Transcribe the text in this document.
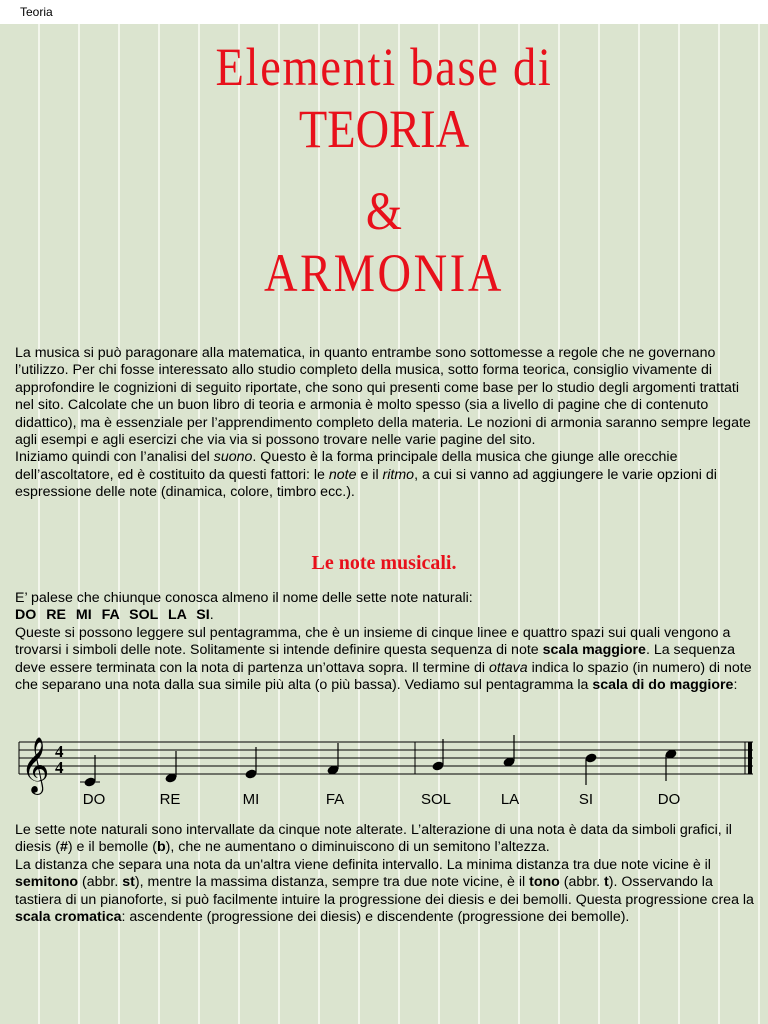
Teoria
Elementi base di
TEORIA
&
ARMONIA
La musica si può paragonare alla matematica, in quanto entrambe sono sottomesse a regole che ne governano l’utilizzo. Per chi fosse interessato allo studio completo della musica, sotto forma teorica, consiglio vivamente di approfondire le cognizioni di seguito riportate, che sono qui presenti come base per lo studio degli argomenti trattati nel sito. Calcolate che un buon libro di teoria e armonia è molto spesso (sia a livello di pagine che di contenuto didattico), ma è essenziale per l’apprendimento completo della materia. Le nozioni di armonia saranno sempre legate agli esempi e agli esercizi che via via si possono trovare nelle varie pagine del sito.
Iniziamo quindi con l’analisi del suono. Questo è la forma principale della musica che giunge alle orecchie dell’ascoltatore, ed è costituito da questi fattori: le note e il ritmo, a cui si vanno ad aggiungere le varie opzioni di espressione delle note (dinamica, colore, timbro ecc.).
Le note musicali.
E’ palese che chiunque conosca almeno il nome delle sette note naturali:
DO RE MI FA SOL LA SI.
Queste si possono leggere sul pentagramma, che è un insieme di cinque linee e quattro spazi sui quali vengono a trovarsi i simboli delle note. Solitamente si intende definire questa sequenza di note scala maggiore. La sequenza deve essere terminata con la nota di partenza un’ottava sopra. Il termine di ottava indica lo spazio (in numero) di note che separano una nota dalla sua simile più alta (o più bassa). Vediamo sul pentagramma la scala di do maggiore:
𝄞 4
4
DO	RE	MI	FA	SOL	LA	SI	DO
Le sette note naturali sono intervallate da cinque note alterate. L’alterazione di una nota è data da simboli grafici, il diesis (#) e il bemolle (b), che ne aumentano o diminuiscono di un semitono l’altezza.
La distanza che separa una nota da un'altra viene definita intervallo. La minima distanza tra due note vicine è il semitono (abbr. st), mentre la massima distanza, sempre tra due note vicine, è il tono (abbr. t). Osservando la tastiera di un pianoforte, si può facilmente intuire la progressione dei diesis e dei bemolli. Questa progressione crea la scala cromatica: ascendente (progressione dei diesis) e discendente (progressione dei bemolle).
